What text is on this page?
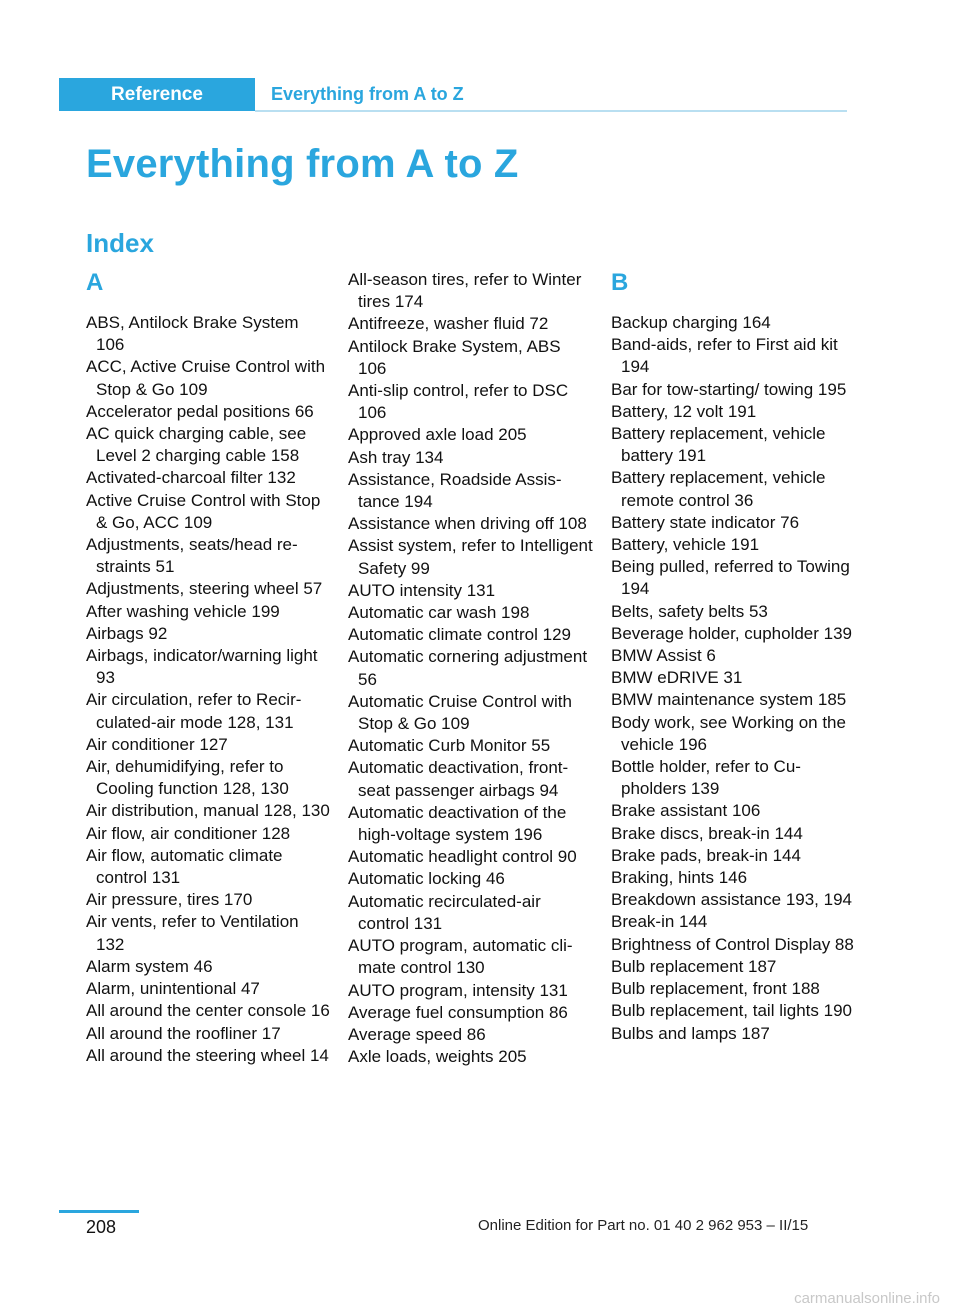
Reference	Everything from A to Z
Everything from A to Z
Index
A
ABS, Antilock Brake System 106
ACC, Active Cruise Control with Stop & Go 109
Accelerator pedal positions 66
AC quick charging cable, see Level 2 charging cable 158
Activated-charcoal filter 132
Active Cruise Control with Stop & Go, ACC 109
Adjustments, seats/head restraints 51
Adjustments, steering wheel 57
After washing vehicle 199
Airbags 92
Airbags, indicator/warning light 93
Air circulation, refer to Recirculated-air mode 128, 131
Air conditioner 127
Air, dehumidifying, refer to Cooling function 128, 130
Air distribution, manual 128, 130
Air flow, air conditioner 128
Air flow, automatic climate control 131
Air pressure, tires 170
Air vents, refer to Ventilation 132
Alarm system 46
Alarm, unintentional 47
All around the center console 16
All around the roofliner 17
All around the steering wheel 14
All-season tires, refer to Winter tires 174
Antifreeze, washer fluid 72
Antilock Brake System, ABS 106
Anti-slip control, refer to DSC 106
Approved axle load 205
Ash tray 134
Assistance, Roadside Assistance 194
Assistance when driving off 108
Assist system, refer to Intelligent Safety 99
AUTO intensity 131
Automatic car wash 198
Automatic climate control 129
Automatic cornering adjustment 56
Automatic Cruise Control with Stop & Go 109
Automatic Curb Monitor 55
Automatic deactivation, front-seat passenger airbags 94
Automatic deactivation of the high-voltage system 196
Automatic headlight control 90
Automatic locking 46
Automatic recirculated-air control 131
AUTO program, automatic climate control 130
AUTO program, intensity 131
Average fuel consumption 86
Average speed 86
Axle loads, weights 205
B
Backup charging 164
Band-aids, refer to First aid kit 194
Bar for tow-starting/ towing 195
Battery, 12 volt 191
Battery replacement, vehicle battery 191
Battery replacement, vehicle remote control 36
Battery state indicator 76
Battery, vehicle 191
Being pulled, referred to Towing 194
Belts, safety belts 53
Beverage holder, cupholder 139
BMW Assist 6
BMW eDRIVE 31
BMW maintenance system 185
Body work, see Working on the vehicle 196
Bottle holder, refer to Cupholders 139
Brake assistant 106
Brake discs, break-in 144
Brake pads, break-in 144
Braking, hints 146
Breakdown assistance 193, 194
Break-in 144
Brightness of Control Display 88
Bulb replacement 187
Bulb replacement, front 188
Bulb replacement, tail lights 190
Bulbs and lamps 187
208	Online Edition for Part no. 01 40 2 962 953 – II/15
carmanualsonline.info
